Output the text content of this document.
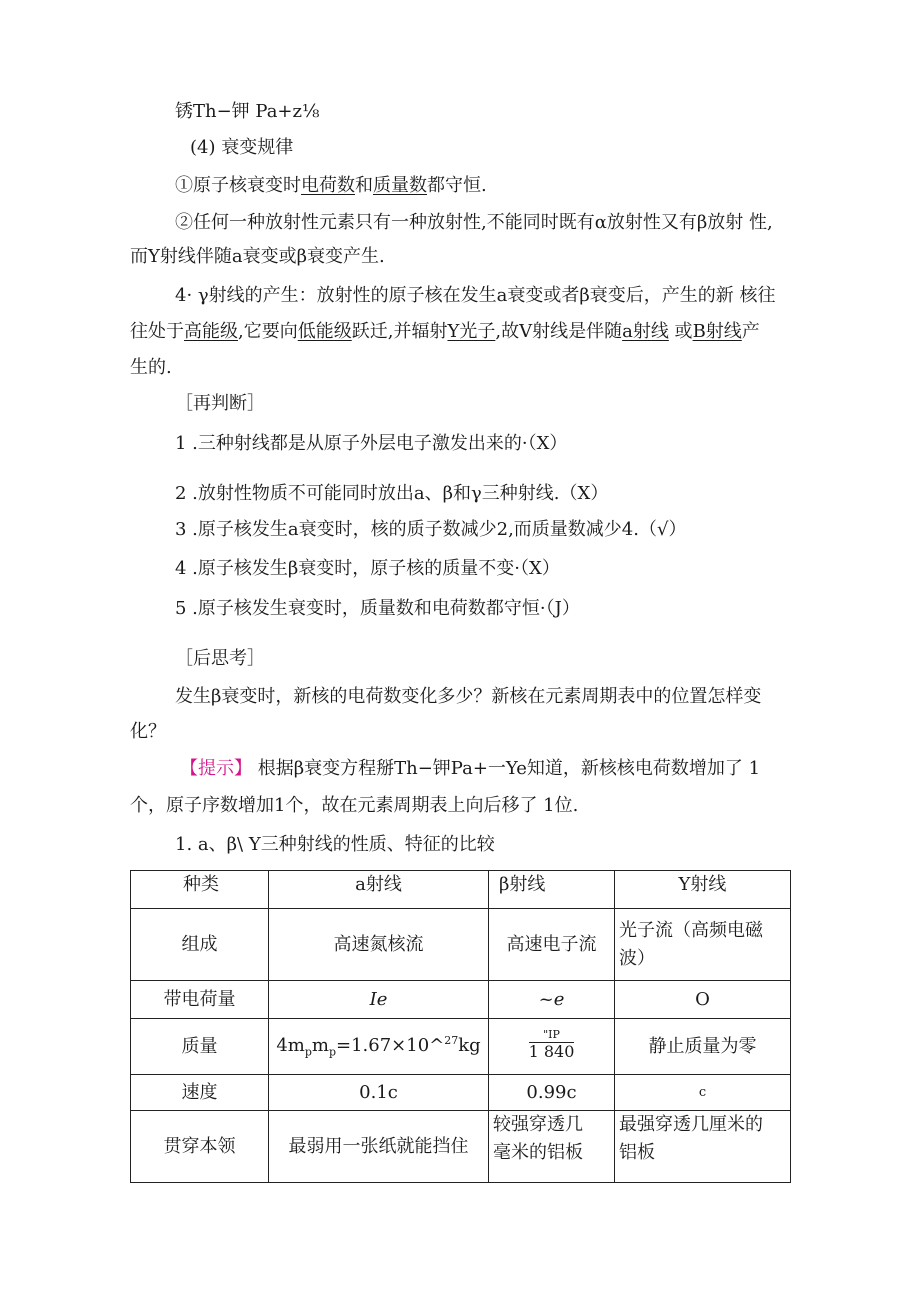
锈Th−钾 Pa+z⅛
(4) 衰变规律
①原子核衰变时电荷数和质量数都守恒.
②任何一种放射性元素只有一种放射性,不能同时既有α放射性又有β放射 性,
而Y射线伴随a衰变或β衰变产生.
4· γ射线的产生：放射性的原子核在发生a衰变或者β衰变后，产生的新 核往
往处于高能级,它要向低能级跃迁,并辐射Y光子,故V射线是伴随a射线 或B射线产
生的.
［再判断］
1 .三种射线都是从原子外层电子激发出来的·（X）
2 .放射性物质不可能同时放出a、β和γ三种射线.（X）
3 .原子核发生a衰变时，核的质子数减少2,而质量数减少4.（√）
4 .原子核发生β衰变时，原子核的质量不变·（X）
5 .原子核发生衰变时，质量数和电荷数都守恒·（J）
［后思考］
发生β衰变时，新核的电荷数变化多少？新核在元素周期表中的位置怎样变
化？
【提示】 根据β衰变方程掰Th−钾Pa+一Ye知道，新核核电荷数增加了 1
个，原子序数增加1个，故在元素周期表上向后移了 1位.
1. a、β\ Y三种射线的性质、特征的比较
种类	a射线	β射线	Y射线
组成	高速氮核流	高速电子流	光子流（高频电磁
波）
带电荷量	Ie	~e	O
质量	$4m_pm_p=1.67\times 10\^{}^{27}kg$	$\frac{"IP}{1 840}$	静止质量为零
速度	0.1c	0.99c	c
贯穿本领	最弱用一张纸就能挡住	较强穿透几
毫米的铝板	最强穿透几厘米的
铝板
